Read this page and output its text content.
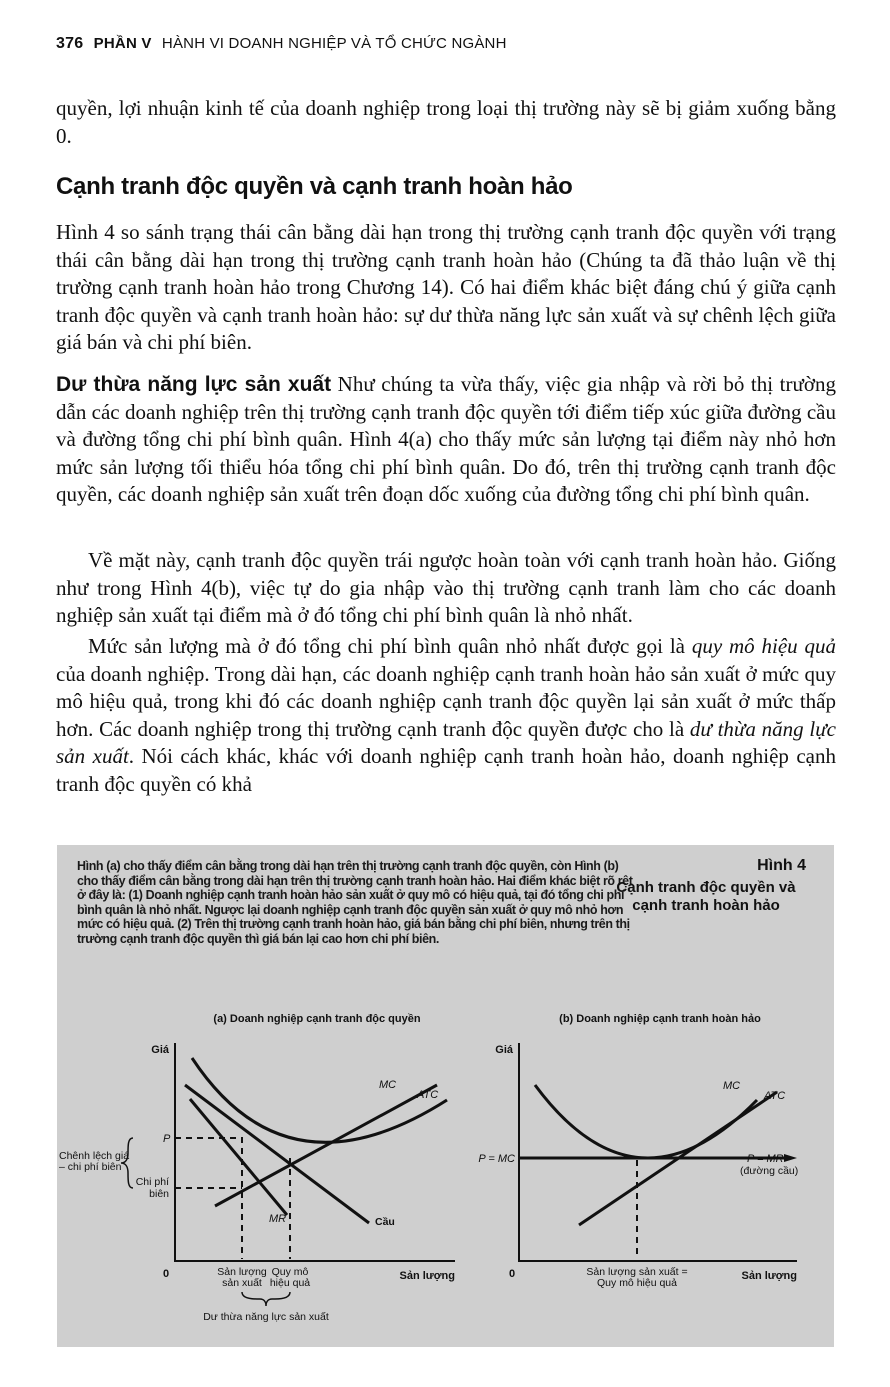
376 PHẦN V HÀNH VI DOANH NGHIỆP VÀ TỔ CHỨC NGÀNH
quyền, lợi nhuận kinh tế của doanh nghiệp trong loại thị trường này sẽ bị giảm xuống bằng 0.
Cạnh tranh độc quyền và cạnh tranh hoàn hảo
Hình 4 so sánh trạng thái cân bằng dài hạn trong thị trường cạnh tranh độc quyền với trạng thái cân bằng dài hạn trong thị trường cạnh tranh hoàn hảo (Chúng ta đã thảo luận về thị trường cạnh tranh hoàn hảo trong Chương 14). Có hai điểm khác biệt đáng chú ý giữa cạnh tranh độc quyền và cạnh tranh hoàn hảo: sự dư thừa năng lực sản xuất và sự chênh lệch giữa giá bán và chi phí biên.
Dư thừa năng lực sản xuất Như chúng ta vừa thấy, việc gia nhập và rời bỏ thị trường dẫn các doanh nghiệp trên thị trường cạnh tranh độc quyền tới điểm tiếp xúc giữa đường cầu và đường tổng chi phí bình quân. Hình 4(a) cho thấy mức sản lượng tại điểm này nhỏ hơn mức sản lượng tối thiểu hóa tổng chi phí bình quân. Do đó, trên thị trường cạnh tranh độc quyền, các doanh nghiệp sản xuất trên đoạn dốc xuống của đường tổng chi phí bình quân.
Về mặt này, cạnh tranh độc quyền trái ngược hoàn toàn với cạnh tranh hoàn hảo. Giống như trong Hình 4(b), việc tự do gia nhập vào thị trường cạnh tranh làm cho các doanh nghiệp sản xuất tại điểm mà ở đó tổng chi phí bình quân là nhỏ nhất.
Mức sản lượng mà ở đó tổng chi phí bình quân nhỏ nhất được gọi là quy mô hiệu quả của doanh nghiệp. Trong dài hạn, các doanh nghiệp cạnh tranh hoàn hảo sản xuất ở mức quy mô hiệu quả, trong khi đó các doanh nghiệp cạnh tranh độc quyền lại sản xuất ở mức thấp hơn. Các doanh nghiệp trong thị trường cạnh tranh độc quyền được cho là dư thừa năng lực sản xuất. Nói cách khác, khác với doanh nghiệp cạnh tranh hoàn hảo, doanh nghiệp cạnh tranh độc quyền có khả
Hình (a) cho thấy điểm cân bằng trong dài hạn trên thị trường cạnh tranh độc quyền, còn Hình (b) cho thấy điểm cân bằng trong dài hạn trên thị trường cạnh tranh hoàn hảo. Hai điểm khác biệt rõ rệt ở đây là: (1) Doanh nghiệp cạnh tranh hoàn hảo sản xuất ở quy mô có hiệu quả, tại đó tổng chi phí bình quân là nhỏ nhất. Ngược lại doanh nghiệp cạnh tranh độc quyền sản xuất ở quy mô nhỏ hơn mức có hiệu quả. (2) Trên thị trường cạnh tranh hoàn hảo, giá bán bằng chi phí biên, nhưng trên thị trường cạnh tranh độc quyền thì giá bán lại cao hơn chi phí biên.
Hình 4
Cạnh tranh độc quyền và cạnh tranh hoàn hảo
(a) Doanh nghiệp cạnh tranh độc quyền
Giá
Sản lượng
0
MC
ATC
MR
P
Cầu
Chi phí
biên
Chênh lệch giá
– chi phí biên
Sản lượng
sản xuất
Quy mô
hiệu quả
Dư thừa năng lực sản xuất
(b) Doanh nghiệp cạnh tranh hoàn hảo
Giá
Sản lượng
0
MC
ATC
P = MC	P = MR
(đường cầu)
Sản lượng sản xuất =
Quy mô hiệu quả
